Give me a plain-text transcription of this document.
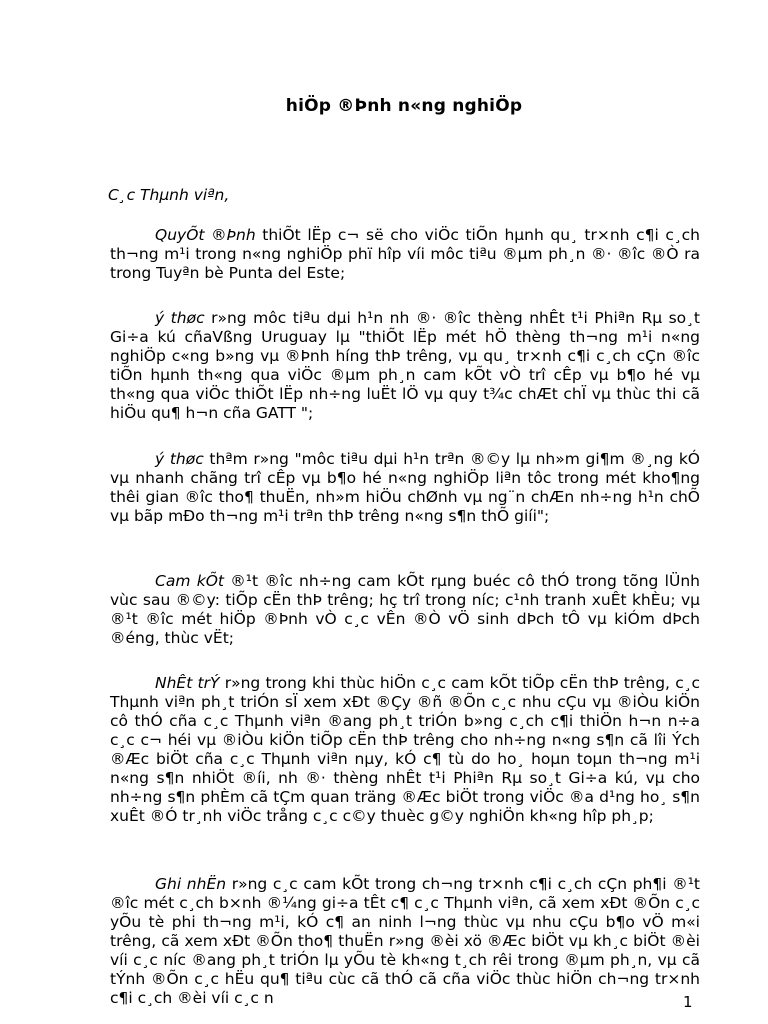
hiÖp ®Þnh n«ng nghiÖp
C¸c Thµnh viªn,
QuyÕt ®Þnh thiÕt lËp c¬ së cho viÖc tiÕn hµnh qu¸ tr×nh c¶i c¸ch th¬ng m¹i trong n«ng nghiÖp phï hîp víi môc tiªu ®µm ph¸n ®· ®îc ®Ò ra trong Tuyªn bè Punta del Este;
ý thøc r»ng môc tiªu dµi h¹n nh ®· ®îc thèng nhÊt t¹i Phiªn Rµ so¸t Gi÷a kú cñaVßng Uruguay lµ "thiÕt lËp mét hÖ thèng th¬ng m¹i n«ng nghiÖp c«ng b»ng vµ ®Þnh híng thÞ trêng, vµ qu¸ tr×nh c¶i c¸ch cÇn ®îc tiÕn hµnh th«ng qua viÖc ®µm ph¸n cam kÕt vÒ trî cÊp vµ b¶o hé vµ th«ng qua viÖc thiÕt lËp nh÷ng luËt lÖ vµ quy t¾c chÆt chÏ vµ thùc thi cã hiÖu qu¶ h¬n cña GATT ";
ý thøc thªm r»ng "môc tiªu dµi h¹n trªn ®©y lµ nh»m gi¶m ®¸ng kÓ vµ nhanh chãng trî cÊp vµ b¶o hé n«ng nghiÖp liªn tôc trong mét kho¶ng thêi gian ®îc tho¶ thuËn, nh»m hiÖu chØnh vµ ng¨n chÆn nh÷ng h¹n chÕ vµ bãp mÐo th¬ng m¹i trªn thÞ trêng n«ng s¶n thÕ giíi";
Cam kÕt ®¹t ®îc nh÷ng cam kÕt rµng buéc cô thÓ trong tõng lÜnh vùc sau ®©y: tiÕp cËn thÞ trêng; hç trî trong níc; c¹nh tranh xuÊt khÈu; vµ ®¹t ®îc mét hiÖp ®Þnh vÒ c¸c vÊn ®Ò vÖ sinh dÞch tÔ vµ kiÓm dÞch ®éng, thùc vËt;
NhÊt trÝ r»ng trong khi thùc hiÖn c¸c cam kÕt tiÕp cËn thÞ trêng, c¸c Thµnh viªn ph¸t triÓn sÏ xem xÐt ®Çy ®ñ ®Õn c¸c nhu cÇu vµ ®iÒu kiÖn cô thÓ cña c¸c Thµnh viªn ®ang ph¸t triÓn b»ng c¸ch c¶i thiÖn h¬n n÷a c¸c c¬ héi vµ ®iÒu kiÖn tiÕp cËn thÞ trêng cho nh÷ng n«ng s¶n cã lîi Ých ®Æc biÖt cña c¸c Thµnh viªn nµy, kÓ c¶ tù do ho¸ hoµn toµn th¬ng m¹i n«ng s¶n nhiÖt ®íi, nh ®· thèng nhÊt t¹i Phiªn Rµ so¸t Gi÷a kú, vµ cho nh÷ng s¶n phÈm cã tÇm quan träng ®Æc biÖt trong viÖc ®a d¹ng ho¸ s¶n xuÊt ®Ó tr¸nh viÖc trång c¸c c©y thuèc g©y nghiÖn kh«ng hîp ph¸p;
Ghi nhËn r»ng c¸c cam kÕt trong ch¬ng tr×nh c¶i c¸ch cÇn ph¶i ®¹t ®îc mét c¸ch b×nh ®¼ng gi÷a tÊt c¶ c¸c Thµnh viªn, cã xem xÐt ®Õn c¸c yÕu tè phi th¬ng m¹i, kÓ c¶ an ninh l¬ng thùc vµ nhu cÇu b¶o vÖ m«i trêng, cã xem xÐt ®Õn tho¶ thuËn r»ng ®èi xö ®Æc biÖt vµ kh¸c biÖt ®èi víi c¸c níc ®ang ph¸t triÓn lµ yÕu tè kh«ng t¸ch rêi trong ®µm ph¸n, vµ cã tÝnh ®Õn c¸c hËu qu¶ tiªu cùc cã thÓ cã cña viÖc thùc hiÖn ch¬ng tr×nh c¶i c¸ch ®èi víi c¸c n	1
